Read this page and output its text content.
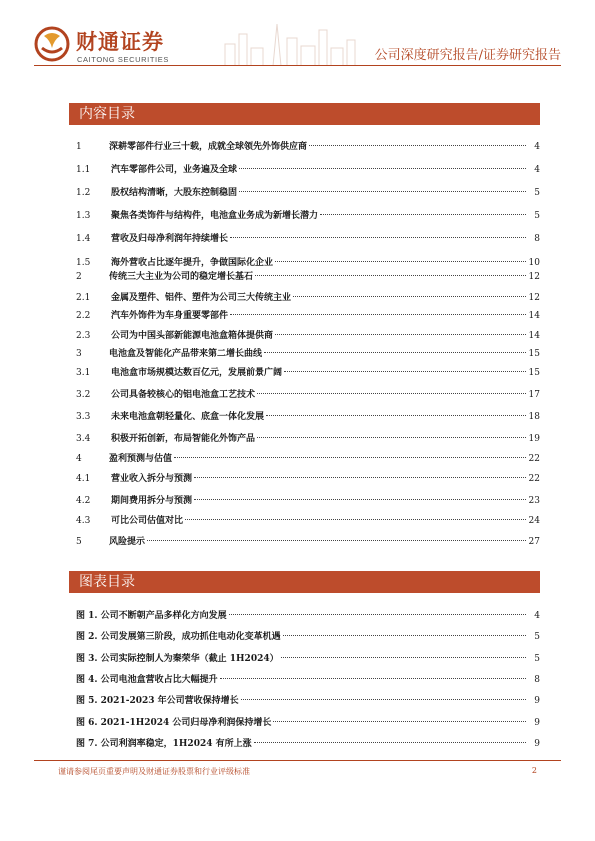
财通证券
CAITONG SECURITIES	公司深度研究报告/证券研究报告
内容目录
1	深耕零部件行业三十载，成就全球领先外饰供应商	4
1.1	汽车零部件公司，业务遍及全球	4
1.2	股权结构清晰，大股东控制稳固	5
1.3	聚焦各类饰件与结构件，电池盒业务成为新增长潜力	5
1.4	营收及归母净利润年持续增长	8
1.5	海外营收占比逐年提升，争做国际化企业	10
2	传统三大主业为公司的稳定增长基石	12
2.1	金属及塑件、铝件、塑件为公司三大传统主业	12
2.2	汽车外饰件为车身重要零部件	14
2.3	公司为中国头部新能源电池盒箱体提供商	14
3	电池盒及智能化产品带来第二增长曲线	15
3.1	电池盒市场规模达数百亿元，发展前景广阔	15
3.2	公司具备较核心的铝电池盒工艺技术	17
3.3	未来电池盒朝轻量化、底盒一体化发展	18
3.4	积极开拓创新，布局智能化外饰产品	19
4	盈利预测与估值	22
4.1	营业收入拆分与预测	22
4.2	期间费用拆分与预测	23
4.3	可比公司估值对比	24
5	风险提示	27
图表目录
图 1. 公司不断朝产品多样化方向发展	4
图 2. 公司发展第三阶段，成功抓住电动化变革机遇	5
图 3. 公司实际控制人为秦荣华（截止 1H2024）	5
图 4. 公司电池盒营收占比大幅提升	8
图 5. 2021-2023 年公司营收保持增长	9
图 6. 2021-1H2024 公司归母净利润保持增长	9
图 7. 公司利润率稳定，1H2024 有所上涨	9
谨请参阅尾页重要声明及财通证券股票和行业评级标准	2
